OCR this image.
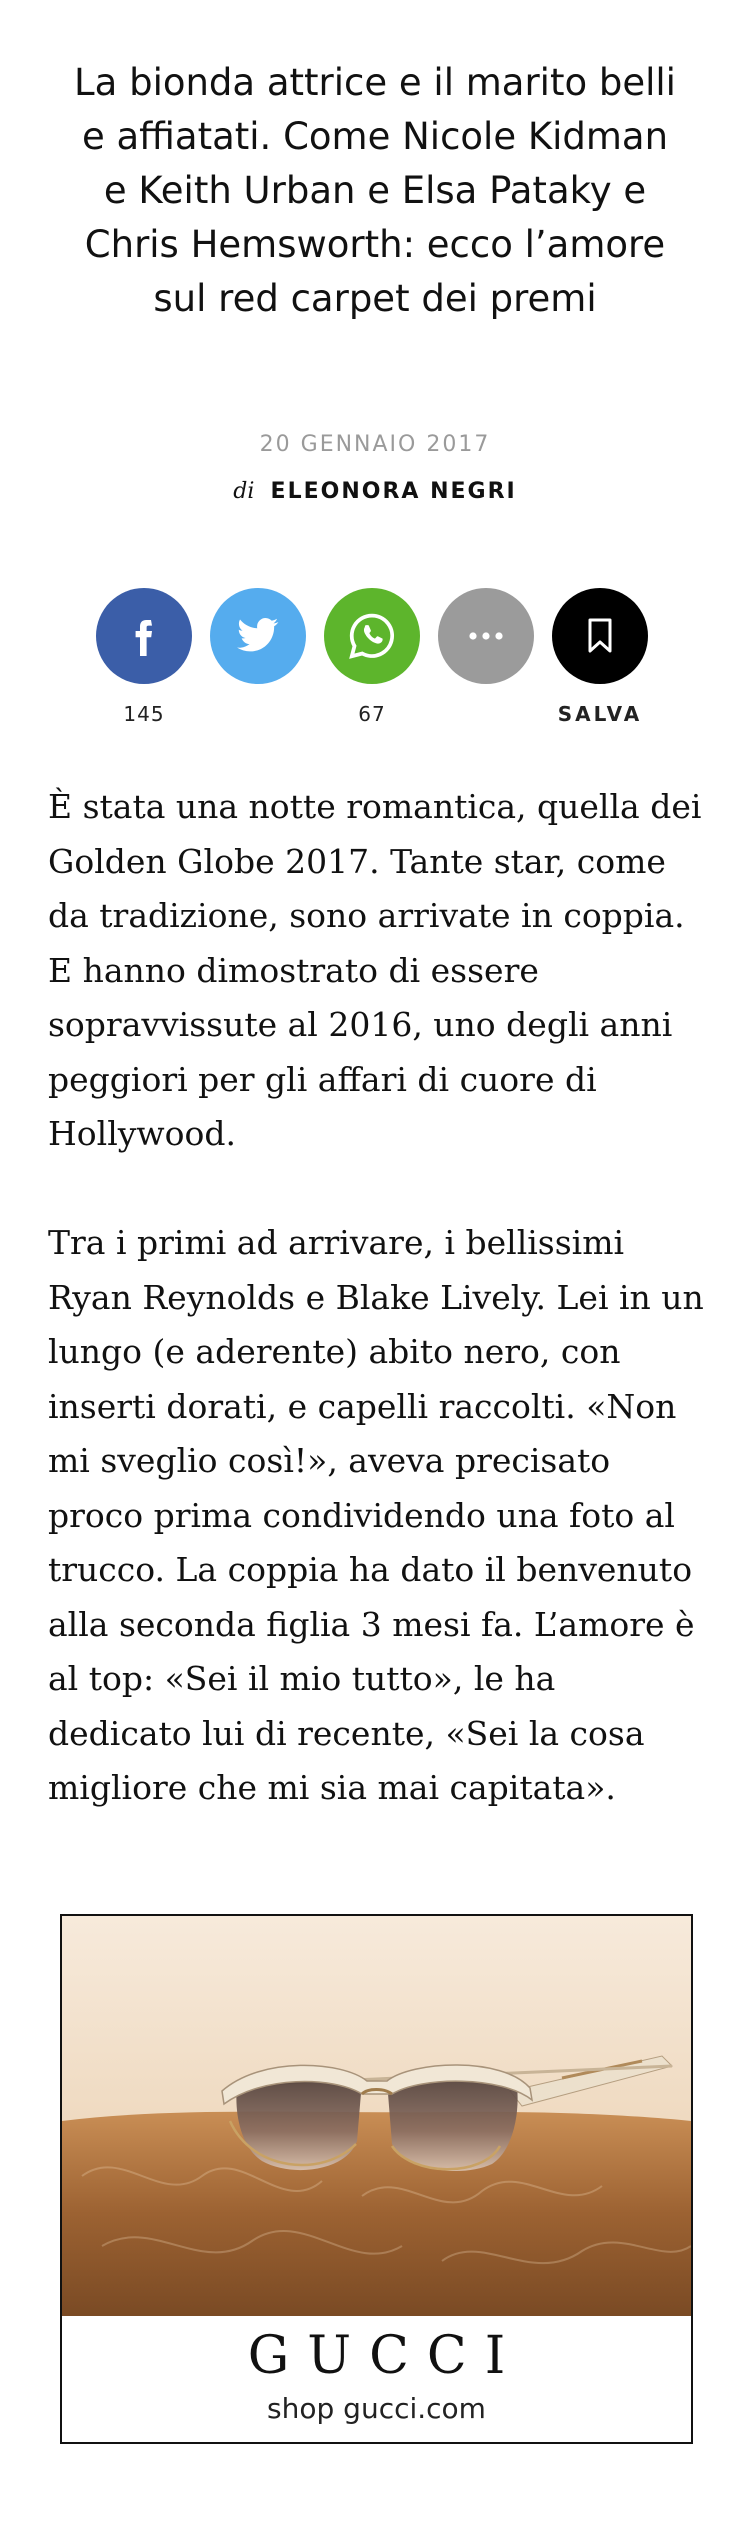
La bionda attrice e il marito belli e affiatati. Come Nicole Kidman e Keith Urban e Elsa Pataky e Chris Hemsworth: ecco l’amore sul red carpet dei premi
20 GENNAIO 2017
di ELEONORA NEGRI
145	67	SALVA

È stata una notte romantica, quella dei Golden Globe 2017. Tante star, come da tradizione, sono arrivate in coppia.
E hanno dimostrato di essere sopravvissute al 2016, uno degli anni peggiori per gli affari di cuore di Hollywood.

Tra i primi ad arrivare, i bellissimi Ryan Reynolds e Blake Lively. Lei in un lungo (e aderente) abito nero, con inserti dorati, e capelli raccolti. «Non mi sveglio così!», aveva precisato proco prima condividendo una foto al trucco. La coppia ha dato il benvenuto alla seconda figlia 3 mesi fa. L’amore è al top: «Sei il mio tutto», le ha dedicato lui di recente, «Sei la cosa migliore che mi sia mai capitata».

GUCCI
shop gucci.com
